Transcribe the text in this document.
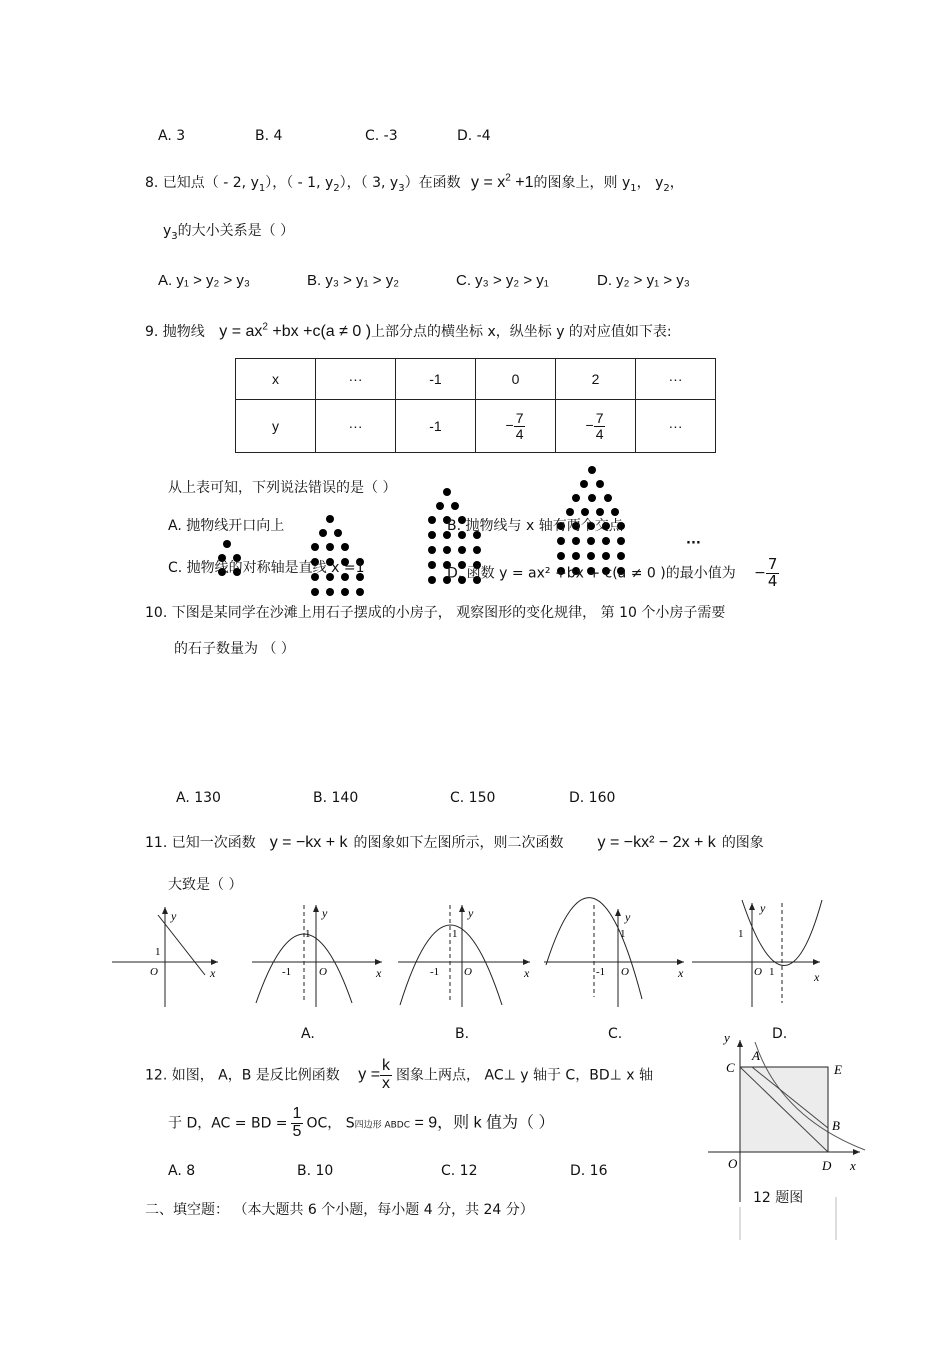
A. 3	B. 4	C. -3	D. -4
8. 已知点（ - 2, $y_1$），（ - 1, $y_2$），（ 3, $y_3$）在函数 $y = x^2 +1$的图象上，则 $y_1$， $y_2$，
$y_3$的大小关系是（ ）
A. y₁ > y₂ > y₃	B. y₃ > y₁ > y₂	C. y₃ > y₂ > y₁	D. y₂ > y₁ > y₃
9. 抛物线 $y = ax^2 +bx +c(a \ne 0$ )上部分点的横坐标 x，纵坐标 y 的对应值如下表:
x	···	-1	0	2	···
y	···	-1	− $\frac{7}{4}$	− $\frac{7}{4}$	···
从上表可知，下列说法错误的是（ ）
A. 抛物线开口向上	B. 抛物线与 x 轴有两个交点
C. 抛物线的对称轴是直线 x =1	D. 函数 y = ax² +bx + c(a ≠ 0 )的最小值为 − $\frac{7}{4}$
···
10. 下图是某同学在沙滩上用石子摆成的小房子， 观察图形的变化规律， 第 10 个小房子需要
的石子数量为 （ ）
A. 130	B. 140	C. 150	D. 160
11. 已知一次函数 y = −kx + k 的图象如下左图所示，则二次函数 y = −kx² − 2x + k 的图象
大致是（ ）
y
x
O
1
y
x
O
-1
1
y
x
O
-1
1
y
x
O
-1
1
y
x
O 1
1
A.	B.	C.	D.
12. 如图， A，B 是反比例函数 $y = \frac{k}{x}$ 图象上两点， AC⊥ y 轴于 C，BD⊥ x 轴
于 D，AC = BD = $\frac{1}{5}$ OC， S四边形 ABDC = 9，则 k 值为（ ）
A. 8	B. 10	C. 12	D. 16
y
C
A
E
B
O	D x
12 题图
二、填空题： （本大题共 6 个小题，每小题 4 分，共 24 分）
